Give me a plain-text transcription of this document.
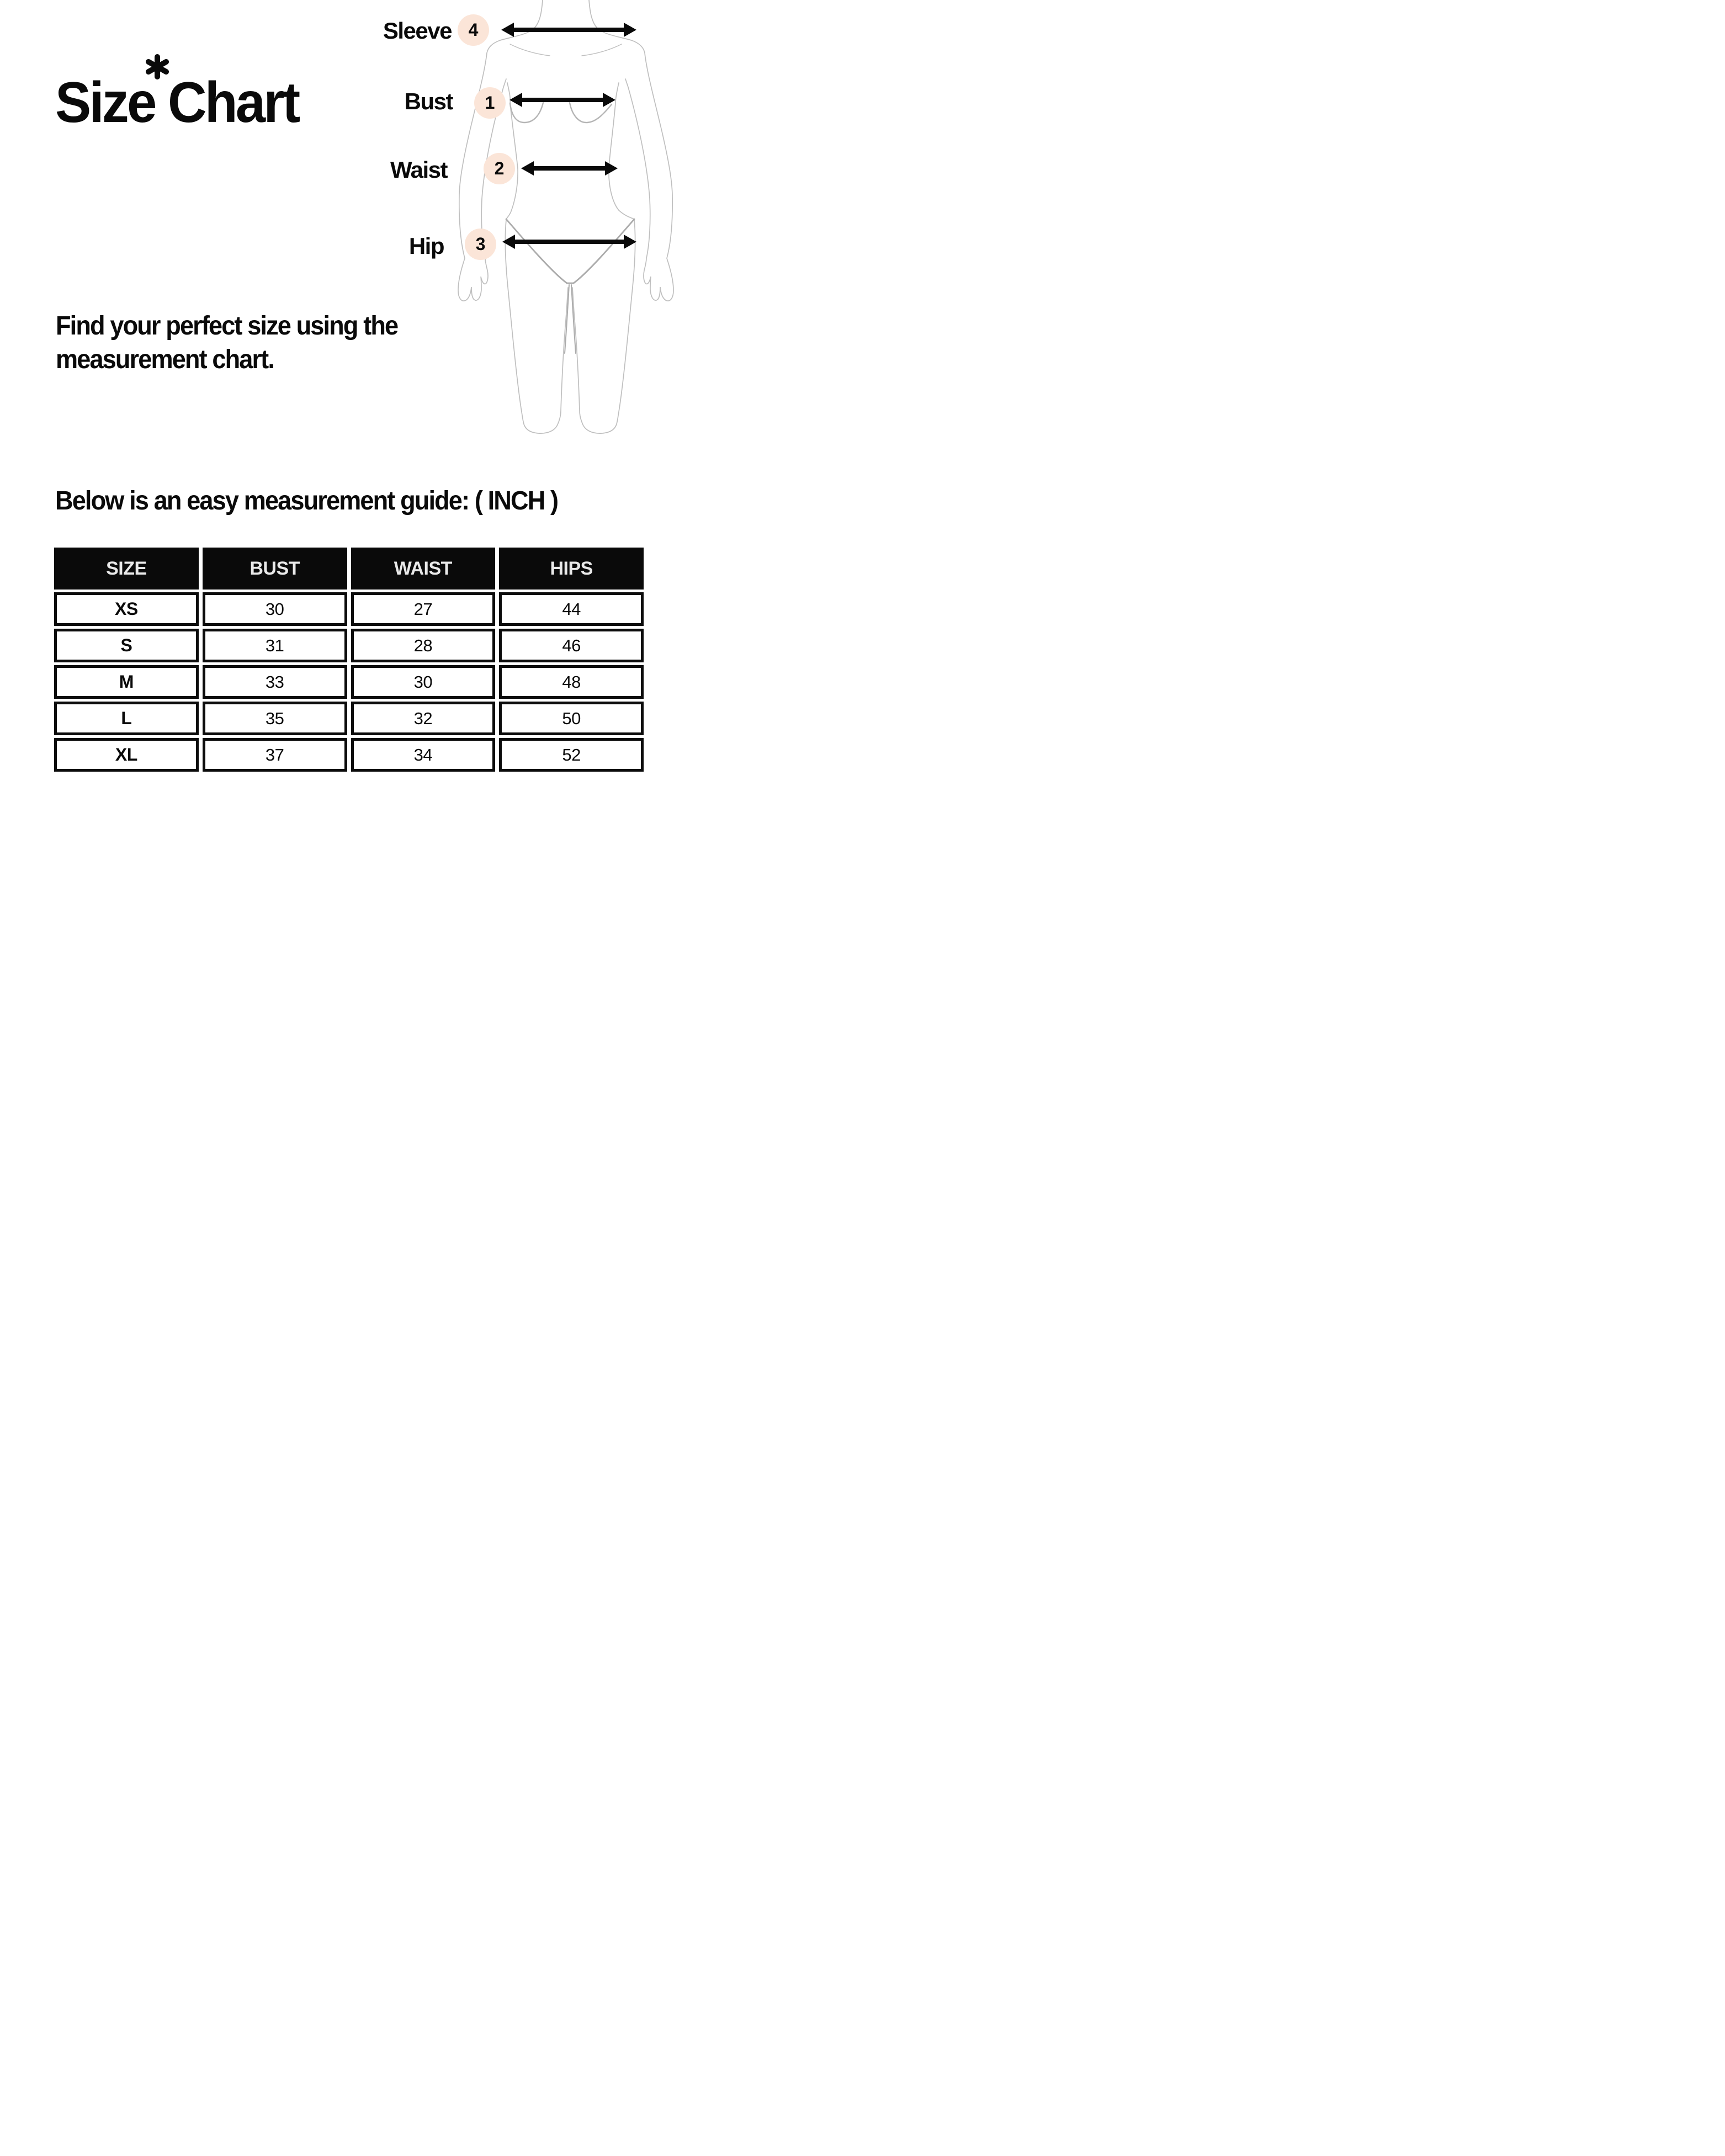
Size Chart
Find your perfect size using the
measurement chart.
Sleeve
Bust
Waist
Hip
4
1
2
3
Below is an easy measurement guide: ( INCH )
SIZE	BUST	WAIST	HIPS
XS	30	27	44
S	31	28	46
M	33	30	48
L	35	32	50
XL	37	34	52
